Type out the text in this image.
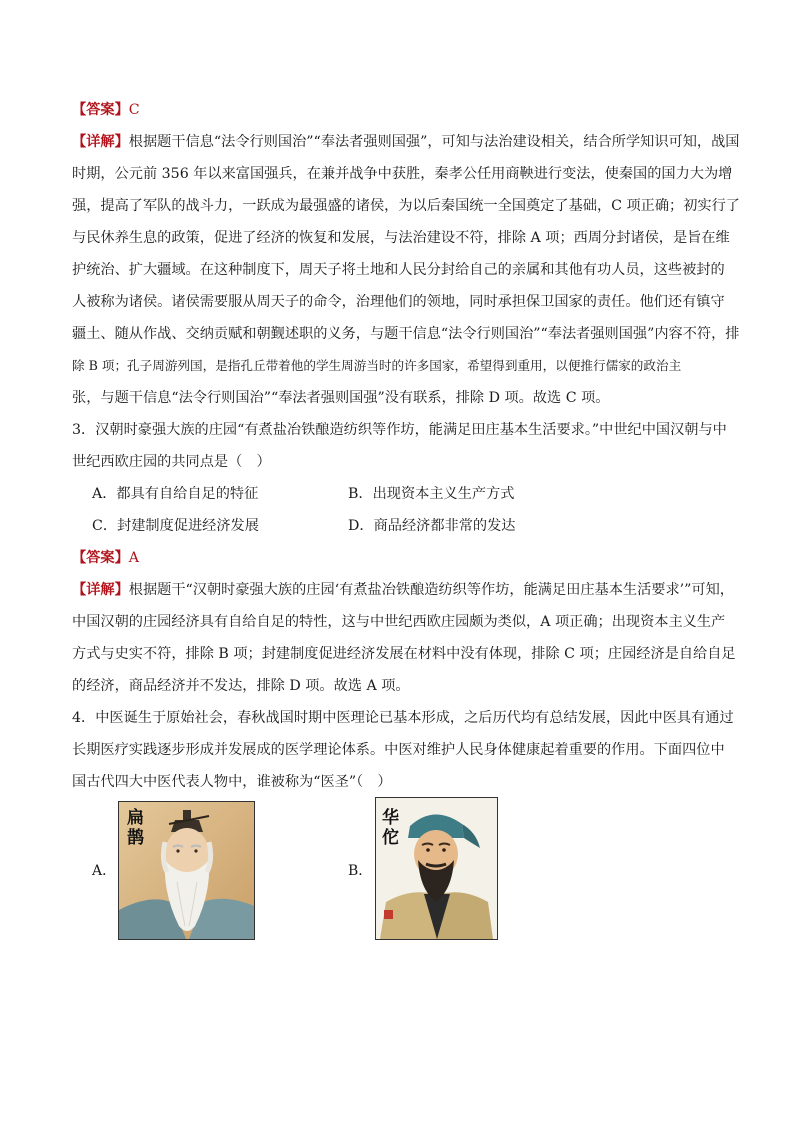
【答案】C
【详解】根据题干信息“法令行则国治”“奉法者强则国强”，可知与法治建设相关，结合所学知识可知，战国
时期，公元前 356 年以来富国强兵，在兼并战争中获胜，秦孝公任用商鞅进行变法，使秦国的国力大为增
强，提高了军队的战斗力，一跃成为最强盛的诸侯，为以后秦国统一全国奠定了基础，C 项正确；初实行了
与民休养生息的政策，促进了经济的恢复和发展，与法治建设不符，排除 A 项；西周分封诸侯，是旨在维
护统治、扩大疆域。在这种制度下，周天子将土地和人民分封给自己的亲属和其他有功人员，这些被封的
人被称为诸侯。诸侯需要服从周天子的命令，治理他们的领地，同时承担保卫国家的责任。他们还有镇守
疆土、随从作战、交纳贡赋和朝觐述职的义务，与题干信息“法令行则国治”“奉法者强则国强”内容不符，排
除 B 项；孔子周游列国，是指孔丘带着他的学生周游当时的许多国家，希望得到重用，以便推行儒家的政治主
张，与题干信息“法令行则国治”“奉法者强则国强”没有联系，排除 D 项。故选 C 项。
3．汉朝时豪强大族的庄园“有煮盐冶铁酿造纺织等作坊，能满足田庄基本生活要求。”中世纪中国汉朝与中
世纪西欧庄园的共同点是（　）
A．都具有自给自足的特征	B．出现资本主义生产方式
C．封建制度促进经济发展	D．商品经济都非常的发达
【答案】A
【详解】根据题干“汉朝时豪强大族的庄园‘有煮盐冶铁酿造纺织等作坊，能满足田庄基本生活要求’”可知，
中国汉朝的庄园经济具有自给自足的特性，这与中世纪西欧庄园颇为类似，A 项正确；出现资本主义生产
方式与史实不符，排除 B 项；封建制度促进经济发展在材料中没有体现，排除 C 项；庄园经济是自给自足
的经济，商品经济并不发达，排除 D 项。故选 A 项。
4．中医诞生于原始社会，春秋战国时期中医理论已基本形成，之后历代均有总结发展，因此中医具有通过
长期医疗实践逐步形成并发展成的医学理论体系。中医对维护人民身体健康起着重要的作用。下面四位中
国古代四大中医代表人物中，谁被称为“医圣”（　）
A．
扁鹊
B．
华佗
